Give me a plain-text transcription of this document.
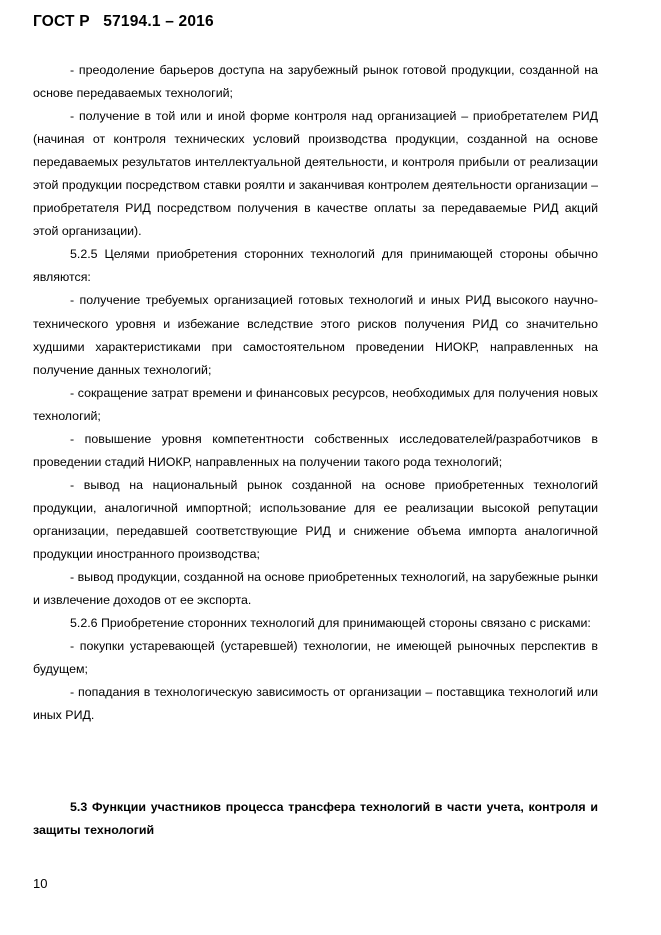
ГОСТ Р   57194.1 – 2016

- преодоление барьеров доступа на зарубежный рынок готовой продукции, созданной на основе передаваемых технологий;

- получение в той или и иной форме контроля над организацией – приобретателем РИД (начиная от контроля технических условий производства продукции, созданной на основе передаваемых результатов интеллектуальной деятельности, и контроля прибыли от реализации этой продукции посредством ставки роялти и заканчивая контролем деятельности организации – приобретателя РИД посредством получения в качестве оплаты за передаваемые РИД акций этой организации).

5.2.5 Целями приобретения сторонних технологий для принимающей стороны обычно являются:

- получение требуемых организацией готовых технологий и иных РИД высокого научно-технического уровня и избежание вследствие этого рисков получения РИД со значительно худшими характеристиками при самостоятельном проведении НИОКР, направленных на получение данных технологий;

- сокращение затрат времени и финансовых ресурсов, необходимых для получения новых технологий;

- повышение уровня компетентности собственных исследователей/разработчиков в проведении стадий НИОКР, направленных на получении такого рода технологий;

- вывод на национальный рынок созданной на основе приобретенных технологий продукции, аналогичной импортной; использование для ее реализации высокой репутации организации, передавшей соответствующие РИД и снижение объема импорта аналогичной продукции иностранного производства;

- вывод продукции, созданной на основе приобретенных технологий, на зарубежные рынки и извлечение доходов от ее экспорта.

5.2.6 Приобретение сторонних технологий для принимающей стороны связано с рисками:

- покупки устаревающей (устаревшей) технологии, не имеющей рыночных перспектив в будущем;

- попадания в технологическую зависимость от организации – поставщика технологий или иных РИД.

5.3 Функции участников процесса трансфера технологий в части учета, контроля и защиты технологий

10
